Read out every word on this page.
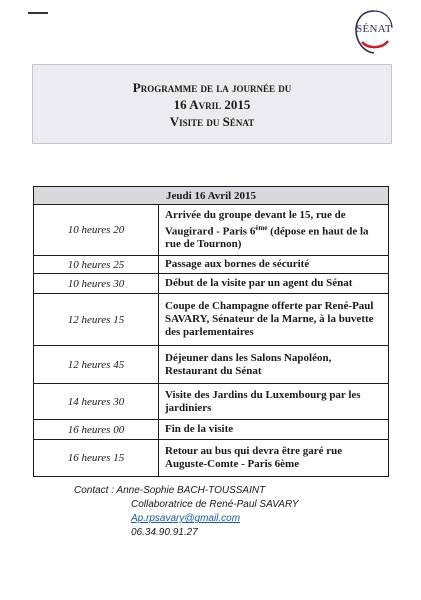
SÉNAT
Programme de la journée du
16 Avril 2015
Visite du Sénat
Jeudi 16 Avril 2015	
10 heures 20	Arrivée du groupe devant le 15, rue de Vaugirard - Paris 6ème (dépose en haut de la rue de Tournon)
10 heures 25	Passage aux bornes de sécurité
10 heures 30	Début de la visite par un agent du Sénat
12 heures 15	Coupe de Champagne offerte par René-Paul SAVARY, Sénateur de la Marne, à la buvette des parlementaires
12 heures 45	Déjeuner dans les Salons Napoléon, Restaurant du Sénat
14 heures 30	Visite des Jardins du Luxembourg par les jardiniers
16 heures 00	Fin de la visite
16 heures 15	Retour au bus qui devra être garé rue Auguste-Comte - Paris 6ème
Contact : Anne-Sophie BACH-TOUSSAINT
Collaboratrice de René-Paul SAVARY
Ap.rpsavary@gmail.com
06.34.90.91.27
